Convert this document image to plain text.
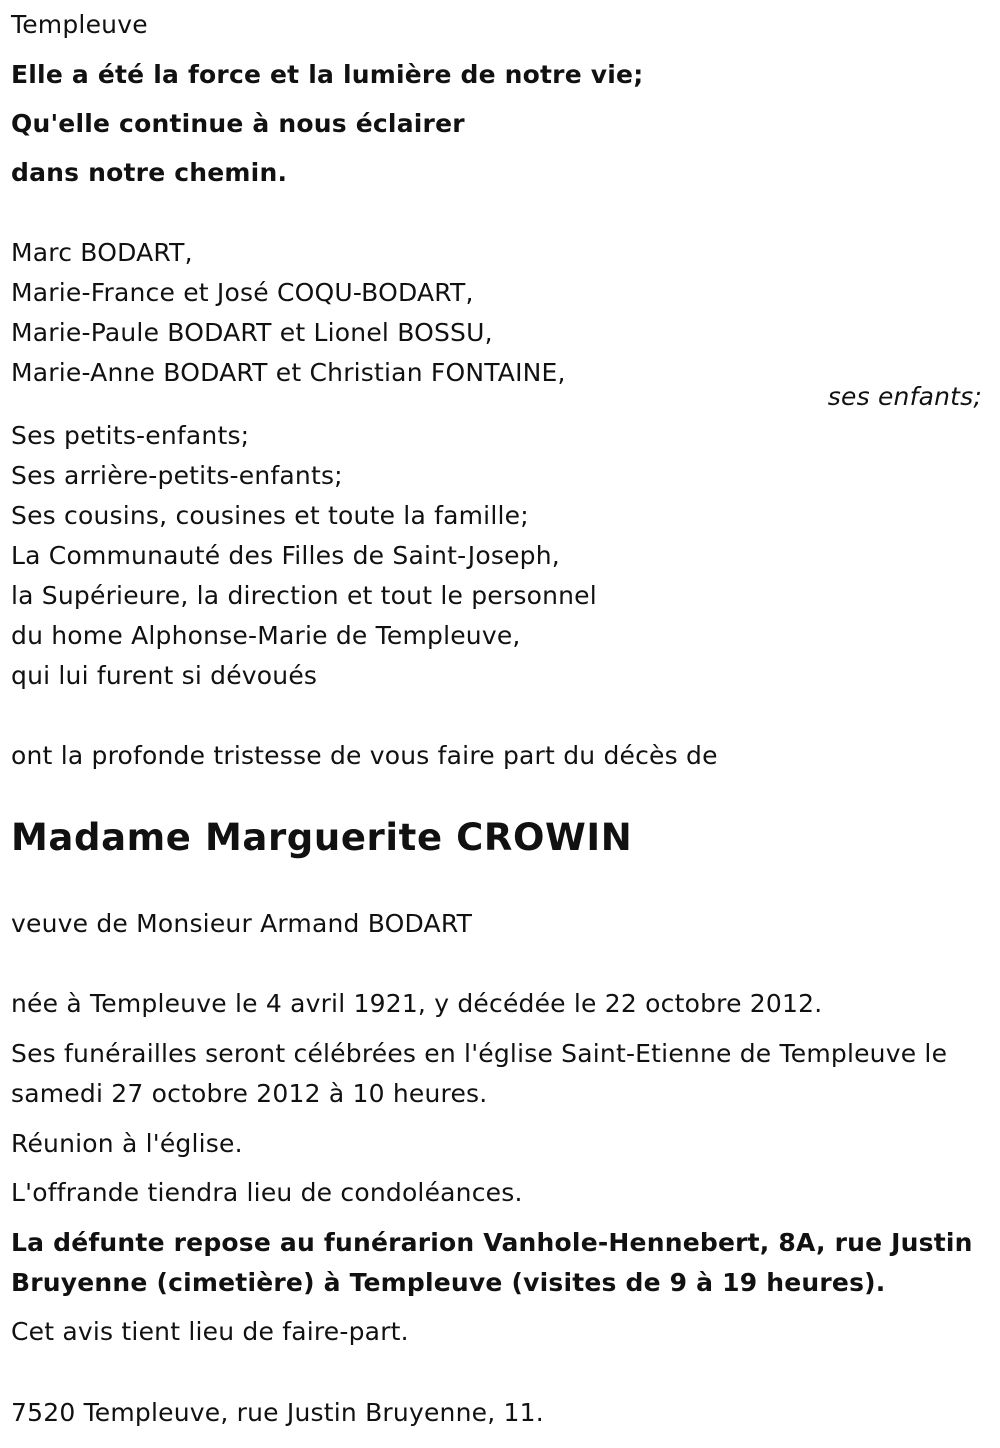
Templeuve
Elle a été la force et la lumière de notre vie;
Qu'elle continue à nous éclairer
dans notre chemin.
Marc BODART,
Marie-France et José COQU-BODART,
Marie-Paule BODART et Lionel BOSSU,
Marie-Anne BODART et Christian FONTAINE,
ses enfants;
Ses petits-enfants;
Ses arrière-petits-enfants;
Ses cousins, cousines et toute la famille;
La Communauté des Filles de Saint-Joseph,
la Supérieure, la direction et tout le personnel
du home Alphonse-Marie de Templeuve,
qui lui furent si dévoués
ont la profonde tristesse de vous faire part du décès de
Madame Marguerite CROWIN
veuve de Monsieur Armand BODART
née à Templeuve le 4 avril 1921, y décédée le 22 octobre 2012.
Ses funérailles seront célébrées en l'église Saint-Etienne de Templeuve le
samedi 27 octobre 2012 à 10 heures.
Réunion à l'église.
L'offrande tiendra lieu de condoléances.
La défunte repose au funérarion Vanhole-Hennebert, 8A, rue Justin
Bruyenne (cimetière) à Templeuve (visites de 9 à 19 heures).
Cet avis tient lieu de faire-part.
7520 Templeuve, rue Justin Bruyenne, 11.
